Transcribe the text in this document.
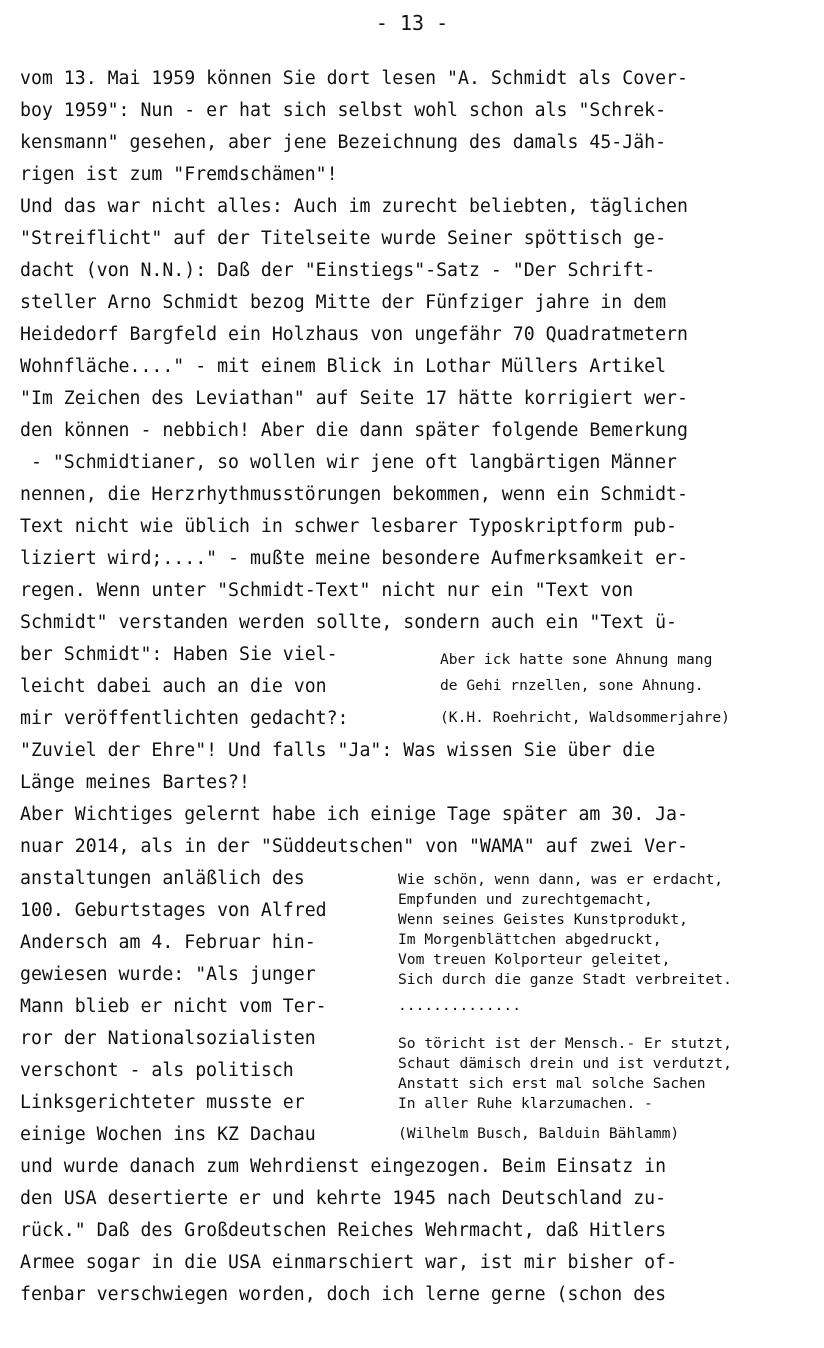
- 13 -
vom 13. Mai 1959 können Sie dort lesen "A. Schmidt als Cover-
boy 1959": Nun - er hat sich selbst wohl schon als "Schrek-
kensmann" gesehen, aber jene Bezeichnung des damals 45-Jäh-
rigen ist zum "Fremdschämen"!
Und das war nicht alles: Auch im zurecht beliebten, täglichen
"Streiflicht" auf der Titelseite wurde Seiner spöttisch ge-
dacht (von N.N.): Daß der "Einstiegs"-Satz - "Der Schrift-
steller Arno Schmidt bezog Mitte der Fünfziger jahre in dem
Heidedorf Bargfeld ein Holzhaus von ungefähr 70 Quadratmetern
Wohnfläche...." - mit einem Blick in Lothar Müllers Artikel
"Im Zeichen des Leviathan" auf Seite 17 hätte korrigiert wer-
den können - nebbich! Aber die dann später folgende Bemerkung
- "Schmidtianer, so wollen wir jene oft langbärtigen Männer
nennen, die Herzrhythmusstörungen bekommen, wenn ein Schmidt-
Text nicht wie üblich in schwer lesbarer Typoskriptform pub-
liziert wird;...." - mußte meine besondere Aufmerksamkeit er-
regen. Wenn unter "Schmidt-Text" nicht nur ein "Text von
Schmidt" verstanden werden sollte, sondern auch ein "Text ü-
ber Schmidt": Haben Sie viel-
leicht dabei auch an die von
mir veröffentlichten gedacht?:
Aber ick hatte sone Ahnung mang
de Gehi rnzellen, sone Ahnung.
(K.H. Roehricht, Waldsommerjahre)
"Zuviel der Ehre"! Und falls "Ja": Was wissen Sie über die
Länge meines Bartes?!
Aber Wichtiges gelernt habe ich einige Tage später am 30. Ja-
nuar 2014, als in der "Süddeutschen" von "WAMA" auf zwei Ver-
anstaltungen anläßlich des
100. Geburtstages von Alfred
Andersch am 4. Februar hin-
gewiesen wurde: "Als junger
Mann blieb er nicht vom Ter-
ror der Nationalsozialisten
verschont - als politisch
Linksgerichteter musste er
einige Wochen ins KZ Dachau
Wie schön, wenn dann, was er erdacht,
Empfunden und zurechtgemacht,
Wenn seines Geistes Kunstprodukt,
Im Morgenblättchen abgedruckt,
Vom treuen Kolporteur geleitet,
Sich durch die ganze Stadt verbreitet.
..............
So töricht ist der Mensch.- Er stutzt,
Schaut dämisch drein und ist verdutzt,
Anstatt sich erst mal solche Sachen
In aller Ruhe klarzumachen. -
(Wilhelm Busch, Balduin Bählamm)
und wurde danach zum Wehrdienst eingezogen. Beim Einsatz in
den USA desertierte er und kehrte 1945 nach Deutschland zu-
rück." Daß des Großdeutschen Reiches Wehrmacht, daß Hitlers
Armee sogar in die USA einmarschiert war, ist mir bisher of-
fenbar verschwiegen worden, doch ich lerne gerne (schon des
